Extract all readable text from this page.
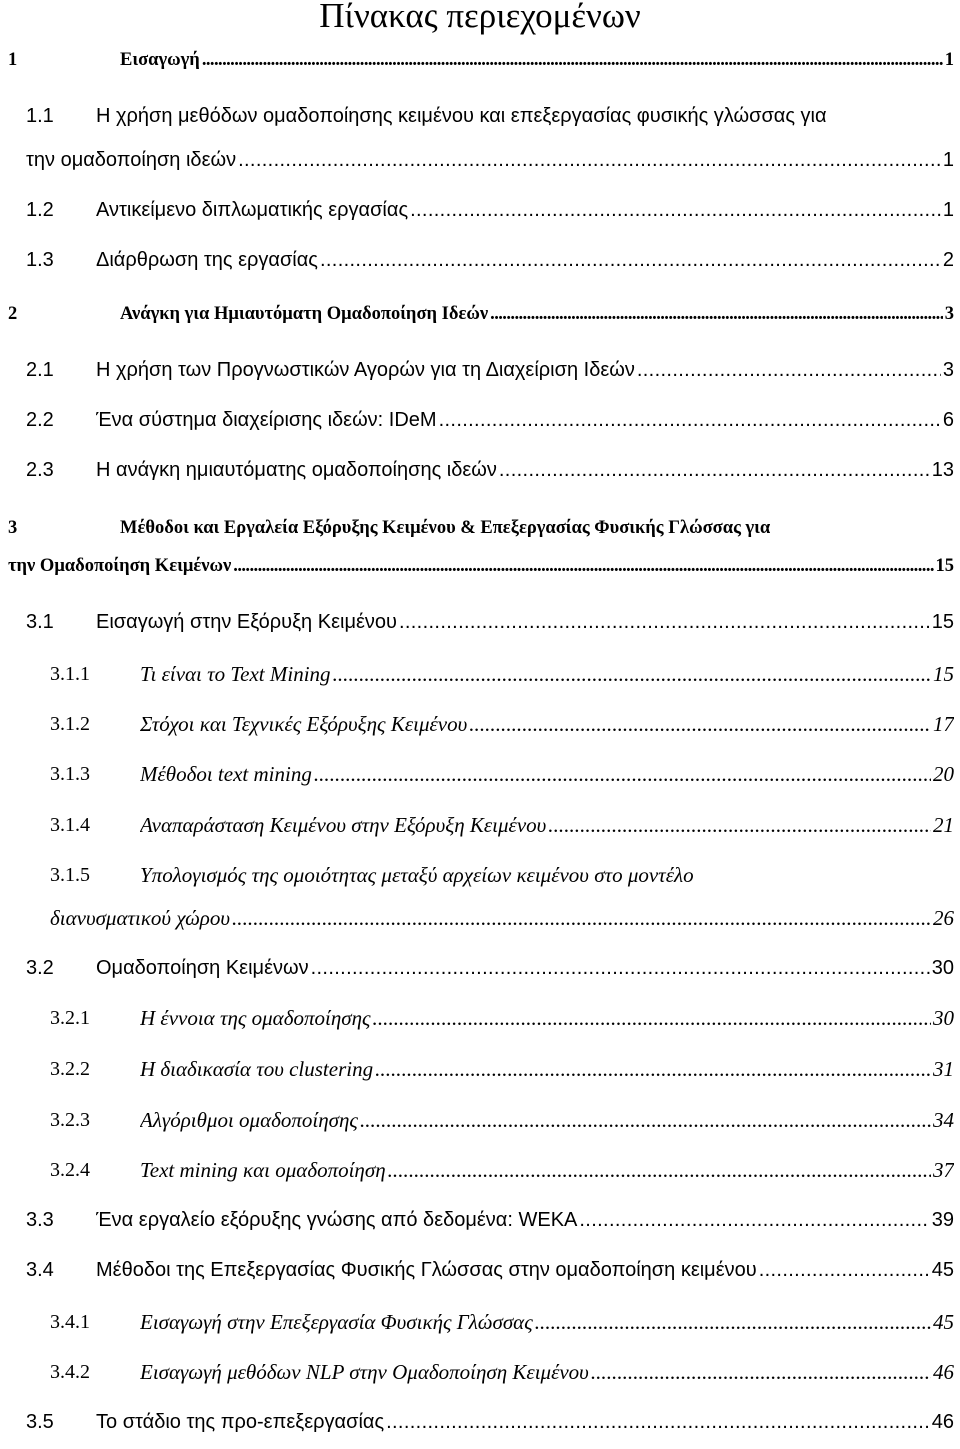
Πίνακας περιεχομένων
1	Εισαγωγή . . .	1
1.1 Η χρήση μεθόδων ομαδοποίησης κειμένου και επεξεργασίας φυσικής γλώσσας για
την ομαδοποίηση ιδεών . . .	1
1.2 Αντικείμενο διπλωματικής εργασίας . . .	1
1.3 Διάρθρωση της εργασίας . . .	2
2	Ανάγκη για Ημιαυτόματη Ομαδοποίηση Ιδεών . . .	3
2.1 Η χρήση των Προγνωστικών Αγορών για τη Διαχείριση Ιδεών . . .	3
2.2 Ένα σύστημα διαχείρισης ιδεών: IDeM . . .	6
2.3 Η ανάγκη ημιαυτόματης ομαδοποίησης ιδεών . . .	13
3	Μέθοδοι και Εργαλεία Εξόρυξης Κειμένου & Επεξεργασίας Φυσικής Γλώσσας για
την Ομαδοποίηση Κειμένων . . .	15
3.1 Εισαγωγή στην Εξόρυξη Κειμένου . . .	15
3.1.1 Τι είναι το Text Mining . . .	15
3.1.2 Στόχοι και Τεχνικές Εξόρυξης Κειμένου . . .	17
3.1.3 Μέθοδοι text mining . . .	20
3.1.4 Αναπαράσταση Κειμένου στην Εξόρυξη Κειμένου . . .	21
3.1.5 Υπολογισμός της ομοιότητας μεταξύ αρχείων κειμένου στο μοντέλο
διανυσματικού χώρου . . .	26
3.2 Ομαδοποίηση Κειμένων . . .	30
3.2.1 Η έννοια της ομαδοποίησης . . .	30
3.2.2 Η διαδικασία του clustering . . .	31
3.2.3 Αλγόριθμοι ομαδοποίησης . . .	34
3.2.4 Text mining και ομαδοποίηση . . .	37
3.3 Ένα εργαλείο εξόρυξης γνώσης από δεδομένα: WEKA . . .	39
3.4 Μέθοδοι της Επεξεργασίας Φυσικής Γλώσσας στην ομαδοποίηση κειμένου . . .	45
3.4.1 Εισαγωγή στην Επεξεργασία Φυσικής Γλώσσας . . .	45
3.4.2 Εισαγωγή μεθόδων NLP στην Ομαδοποίηση Κειμένου . . .	46
3.5 Το στάδιο της προ-επεξεργασίας . . .	46
